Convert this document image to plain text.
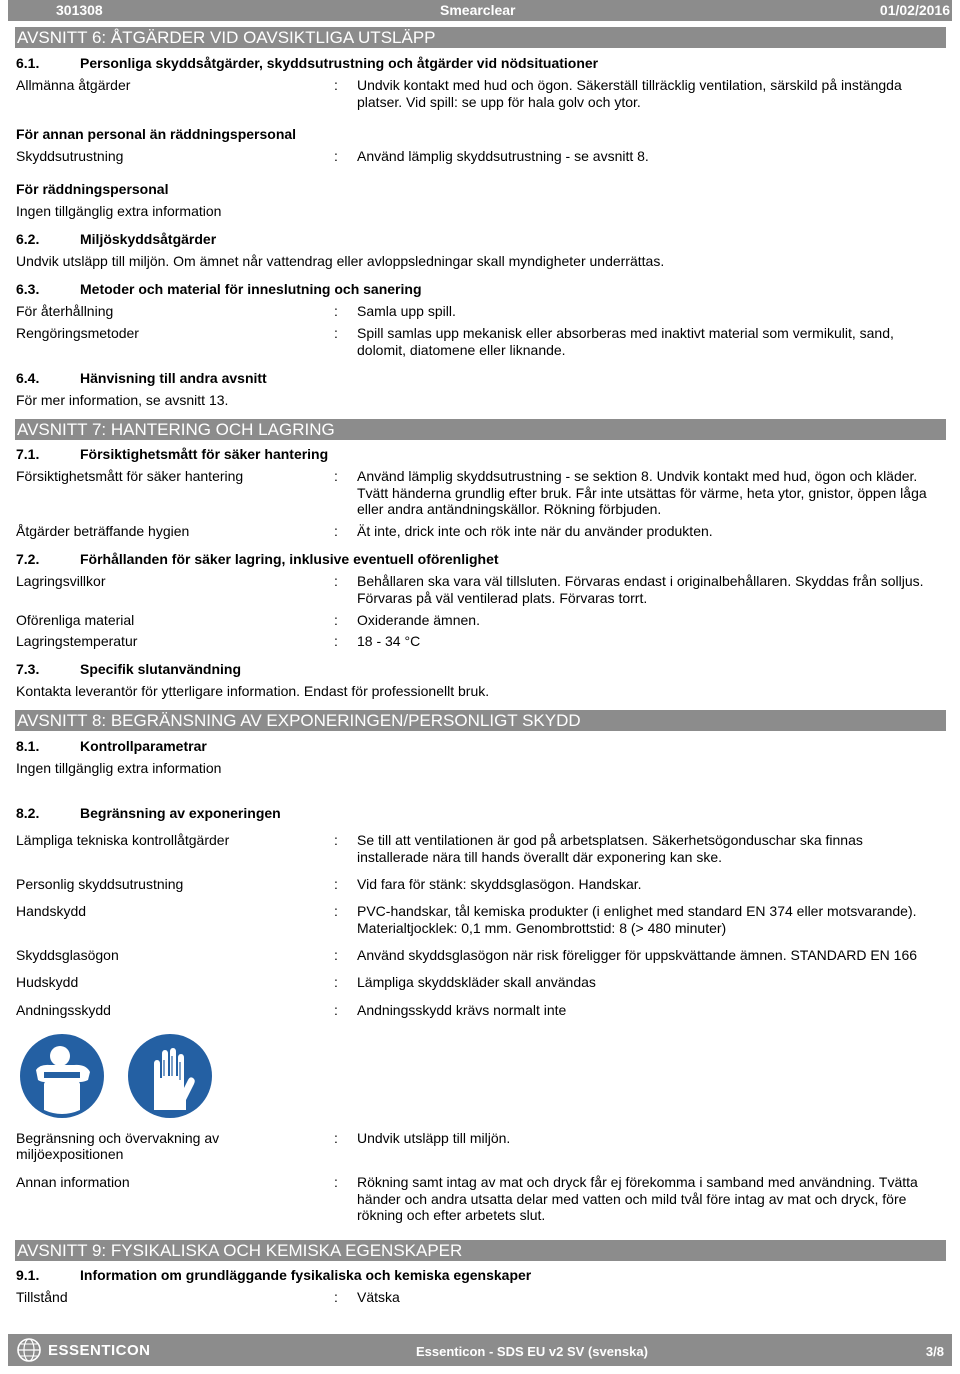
301308	Smearclear	01/02/2016
AVSNITT 6: ÅTGÄRDER VID OAVSIKTLIGA UTSLÄPP
6.1.	Personliga skyddsåtgärder, skyddsutrustning och åtgärder vid nödsituationer
Allmänna åtgärder	: Undvik kontakt med hud och ögon. Säkerställ tillräcklig ventilation, särskild på instängda platser. Vid spill: se upp för hala golv och ytor.
För annan personal än räddningspersonal
Skyddsutrustning	: Använd lämplig skyddsutrustning - se avsnitt 8.
För räddningspersonal
Ingen tillgänglig extra information
6.2.	Miljöskyddsåtgärder
Undvik utsläpp till miljön. Om ämnet når vattendrag eller avloppsledningar skall myndigheter underrättas.
6.3.	Metoder och material för inneslutning och sanering
För återhållning	: Samla upp spill.
Rengöringsmetoder	: Spill samlas upp mekanisk eller absorberas med inaktivt material som vermikulit, sand, dolomit, diatomene eller liknande.
6.4.	Hänvisning till andra avsnitt
För mer information, se avsnitt 13.
AVSNITT 7: HANTERING OCH LAGRING
7.1.	Försiktighetsmått för säker hantering
Försiktighetsmått för säker hantering	: Använd lämplig skyddsutrustning - se sektion 8. Undvik kontakt med hud, ögon och kläder. Tvätt händerna grundlig efter bruk. Får inte utsättas för värme, heta ytor, gnistor, öppen låga eller andra antändningskällor. Rökning förbjuden.
Åtgärder beträffande hygien	: Ät inte, drick inte och rök inte när du använder produkten.
7.2.	Förhållanden för säker lagring, inklusive eventuell oförenlighet
Lagringsvillkor	: Behållaren ska vara väl tillsluten. Förvaras endast i originalbehållaren. Skyddas från solljus. Förvaras på väl ventilerad plats. Förvaras torrt.
Oförenliga material	: Oxiderande ämnen.
Lagringstemperatur	: 18 - 34 °C
7.3.	Specifik slutanvändning
Kontakta leverantör för ytterligare information. Endast för professionellt bruk.
AVSNITT 8: BEGRÄNSNING AV EXPONERINGEN/PERSONLIGT SKYDD
8.1.	Kontrollparametrar
Ingen tillgänglig extra information
8.2.	Begränsning av exponeringen
Lämpliga tekniska kontrollåtgärder	: Se till att ventilationen är god på arbetsplatsen. Säkerhetsögonduschar ska finnas installerade nära till hands överallt där exponering kan ske.
Personlig skyddsutrustning	: Vid fara för stänk: skyddsglasögon. Handskar.
Handskydd	: PVC-handskar, tål kemiska produkter (i enlighet med standard EN 374 eller motsvarande). Materialtjocklek: 0,1 mm. Genombrottstid: 8 (> 480 minuter)
Skyddsglasögon	: Använd skyddsglasögon när risk föreligger för uppskvättande ämnen. STANDARD EN 166
Hudskydd	: Lämpliga skyddskläder skall användas
Andningsskydd	: Andningsskydd krävs normalt inte
Begränsning och övervakning av miljöexpositionen
: Undvik utsläpp till miljön.
Annan information	: Rökning samt intag av mat och dryck får ej förekomma i samband med användning. Tvätta händer och andra utsatta delar med vatten och mild tvål före intag av mat och dryck, före rökning och efter arbetets slut.
AVSNITT 9: FYSIKALISKA OCH KEMISKA EGENSKAPER
9.1.	Information om grundläggande fysikaliska och kemiska egenskaper
Tillstånd	: Vätska
ESSENTICON	Essenticon - SDS EU v2 SV (svenska)	3/8
